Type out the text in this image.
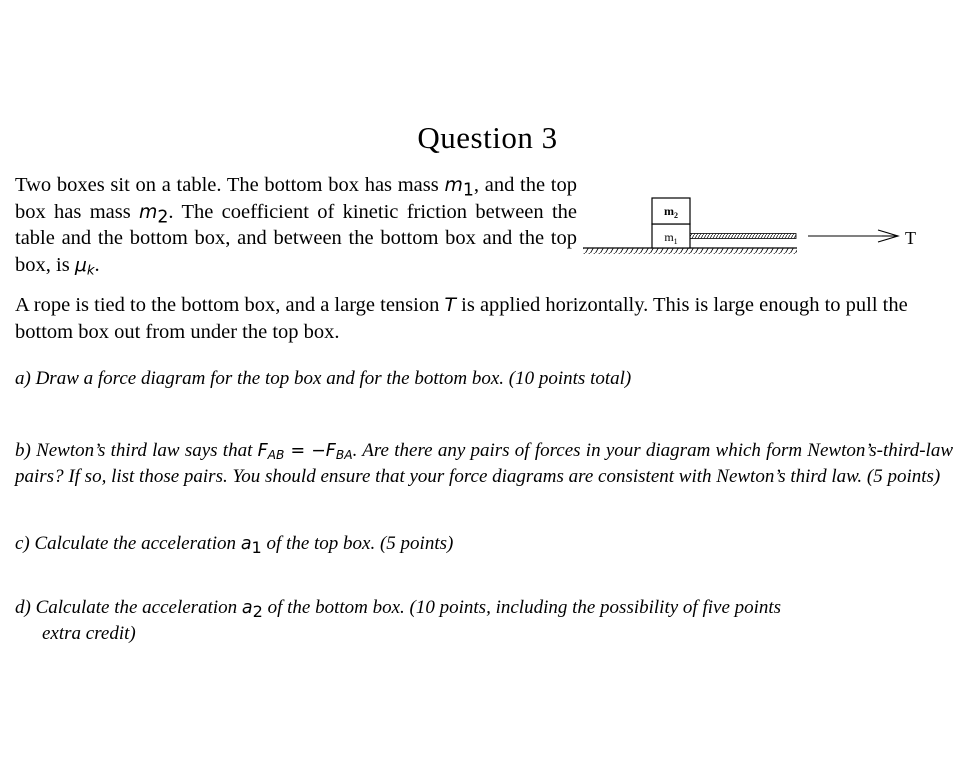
Question 3
Two boxes sit on a table. The bottom box has mass $m_1$, and the top box has mass $m_2$. The coefficient of kinetic friction between the table and the bottom box, and between the bottom box and the top box, is $\mu_k$.
$m_1$
$m_2$
T
A rope is tied to the bottom box, and a large tension T is applied horizontally. This is large enough to pull the bottom box out from under the top box.
a) Draw a force diagram for the top box and for the bottom box. (10 points total)
b) Newton’s third law says that $F_{AB} = -F_{BA}$. Are there any pairs of forces in your diagram which form Newton’s-third-law pairs? If so, list those pairs. You should ensure that your force diagrams are consistent with Newton’s third law. (5 points)
c) Calculate the acceleration $a_1$ of the top box. (5 points)
d) Calculate the acceleration $a_2$ of the bottom box. (10 points, including the possibility of five points
extra credit)
